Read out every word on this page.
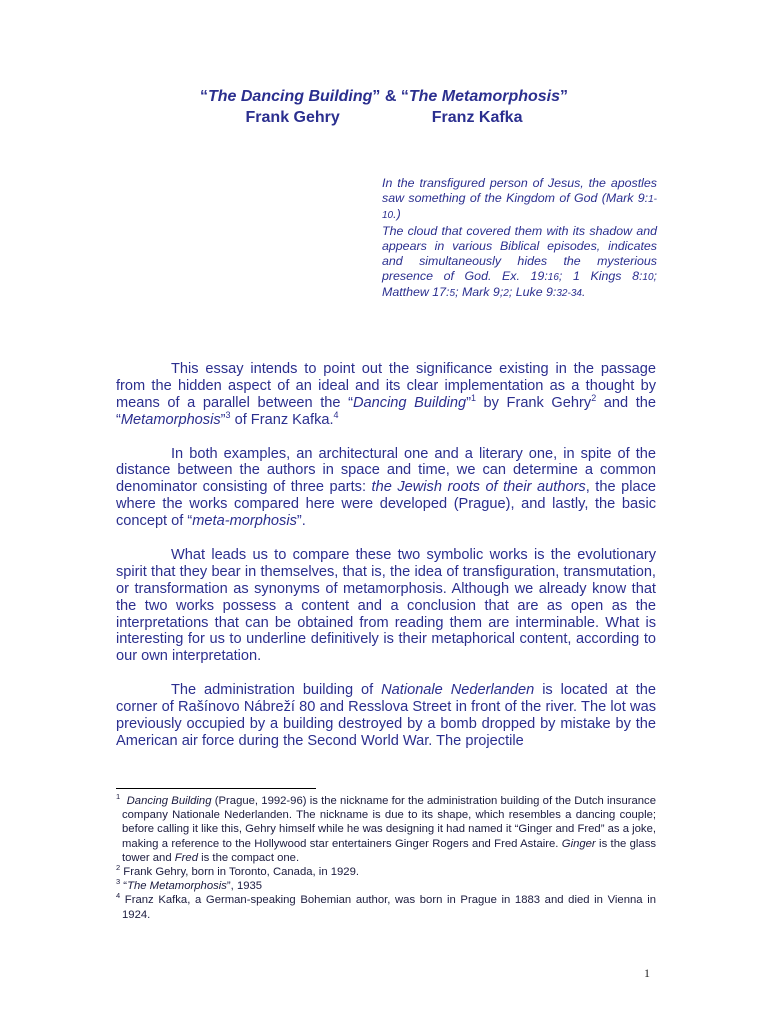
“The Dancing Building” & “The Metamorphosis”
Frank Gehry	Franz Kafka

In the transfigured person of Jesus, the apostles saw something of the Kingdom of God (Mark 9:1-10.)

The cloud that covered them with its shadow and appears in various Biblical episodes, indicates and simultaneously hides the mysterious presence of God. Ex. 19:16; 1 Kings 8:10; Matthew 17:5; Mark 9;2; Luke 9:32-34.

This essay intends to point out the significance existing in the passage from the hidden aspect of an ideal and its clear implementation as a thought by means of a parallel between the “Dancing Building”$^1$ by Frank Gehry$^2$ and the “Metamorphosis”$^3$ of Franz Kafka.$^4$

In both examples, an architectural one and a literary one, in spite of the distance between the authors in space and time, we can determine a common denominator consisting of three parts: the Jewish roots of their authors, the place where the works compared here were developed (Prague), and lastly, the basic concept of “meta-morphosis”.

What leads us to compare these two symbolic works is the evolutionary spirit that they bear in themselves, that is, the idea of transfiguration, transmutation, or transformation as synonyms of metamorphosis. Although we already know that the two works possess a content and a conclusion that are as open as the interpretations that can be obtained from reading them are interminable. What is interesting for us to underline definitively is their metaphorical content, according to our own interpretation.

The administration building of Nationale Nederlanden is located at the corner of Rašínovo Nábreží 80 and Resslova Street in front of the river. The lot was previously occupied by a building destroyed by a bomb dropped by mistake by the American air force during the Second World War. The projectile

$^1$ Dancing Building (Prague, 1992-96) is the nickname for the administration building of the Dutch insurance company Nationale Nederlanden. The nickname is due to its shape, which resembles a dancing couple; before calling it like this, Gehry himself while he was designing it had named it “Ginger and Fred” as a joke, making a reference to the Hollywood star entertainers Ginger Rogers and Fred Astaire. Ginger is the glass tower and Fred is the compact one.

$^2$ Frank Gehry, born in Toronto, Canada, in 1929.

$^3$ “The Metamorphosis”, 1935

$^4$ Franz Kafka, a German-speaking Bohemian author, was born in Prague in 1883 and died in Vienna in 1924.

1
